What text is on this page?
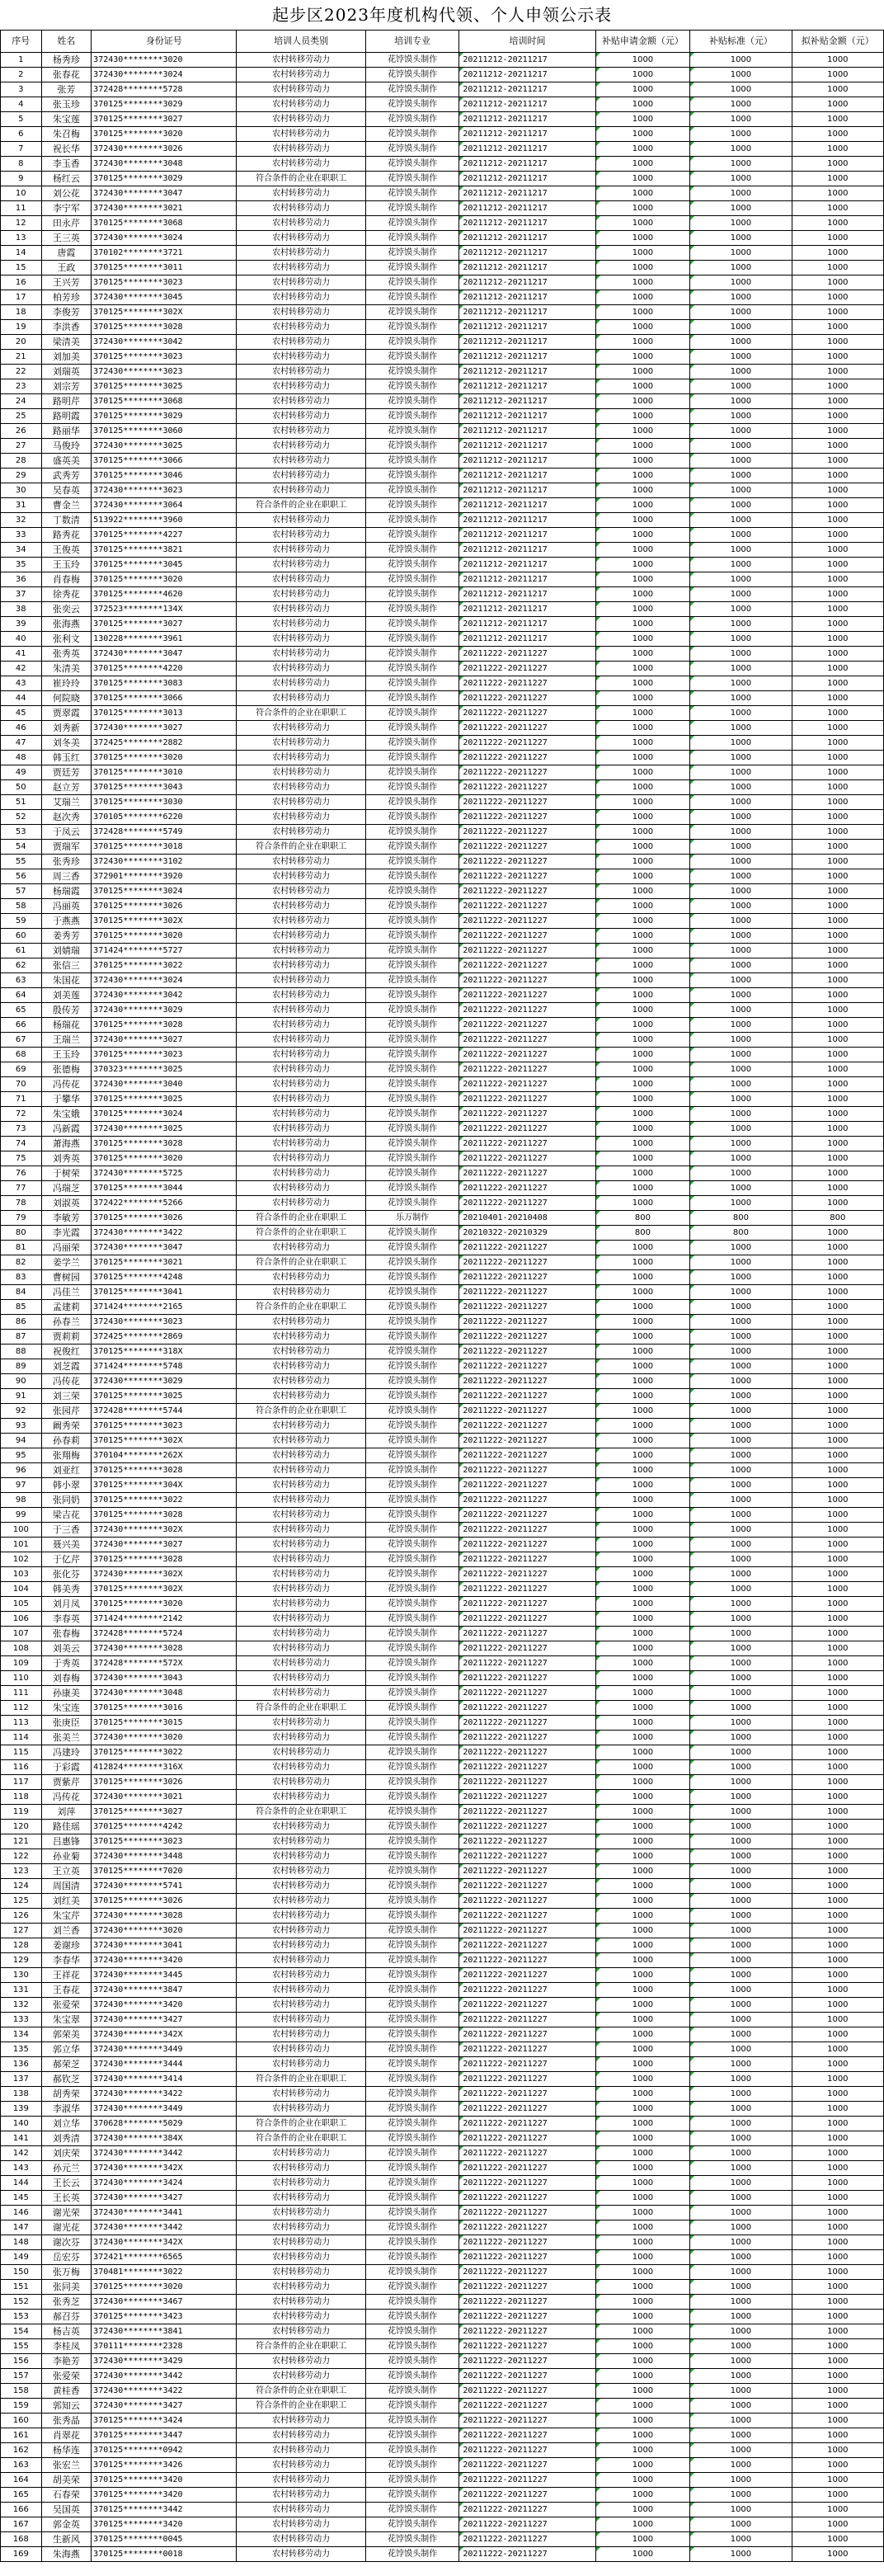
起步区2023年度机构代领、个人申领公示表
序号	姓名	身份证号	培训人员类别	培训专业	培训时间	补贴申请金额（元）	补贴标准（元）	拟补贴金额（元）
1	杨秀珍	372430********3020	农村转移劳动力	花饽馍头制作	20211212-20211217	1000	1000	1000
2	张春花	372430********3024	农村转移劳动力	花饽馍头制作	20211212-20211217	1000	1000	1000
3	张芳	372428********5728	农村转移劳动力	花饽馍头制作	20211212-20211217	1000	1000	1000
4	张玉珍	370125********3029	农村转移劳动力	花饽馍头制作	20211212-20211217	1000	1000	1000
5	朱宝莲	370125********3027	农村转移劳动力	花饽馍头制作	20211212-20211217	1000	1000	1000
6	朱召梅	370125********3020	农村转移劳动力	花饽馍头制作	20211212-20211217	1000	1000	1000
7	祝长华	372430********3026	农村转移劳动力	花饽馍头制作	20211212-20211217	1000	1000	1000
8	李玉香	372430********3048	农村转移劳动力	花饽馍头制作	20211212-20211217	1000	1000	1000
9	杨红云	370125********3029	符合条件的企业在职职工	花饽馍头制作	20211212-20211217	1000	1000	1000
10	刘公花	372430********3047	农村转移劳动力	花饽馍头制作	20211212-20211217	1000	1000	1000
11	李宁军	372430********3021	农村转移劳动力	花饽馍头制作	20211212-20211217	1000	1000	1000
12	田永芹	370125********3068	农村转移劳动力	花饽馍头制作	20211212-20211217	1000	1000	1000
13	王三英	372430********3024	农村转移劳动力	花饽馍头制作	20211212-20211217	1000	1000	1000
14	唐霞	370102********3721	农村转移劳动力	花饽馍头制作	20211212-20211217	1000	1000	1000
15	王政	370125********3011	农村转移劳动力	花饽馍头制作	20211212-20211217	1000	1000	1000
16	王兴芳	370125********3023	农村转移劳动力	花饽馍头制作	20211212-20211217	1000	1000	1000
17	柏芳珍	372430********3045	农村转移劳动力	花饽馍头制作	20211212-20211217	1000	1000	1000
18	李俊芳	370125********302X	农村转移劳动力	花饽馍头制作	20211212-20211217	1000	1000	1000
19	李洪香	370125********3028	农村转移劳动力	花饽馍头制作	20211212-20211217	1000	1000	1000
20	梁清美	372430********3042	农村转移劳动力	花饽馍头制作	20211212-20211217	1000	1000	1000
21	刘加美	370125********3023	农村转移劳动力	花饽馍头制作	20211212-20211217	1000	1000	1000
22	刘瑞英	372430********3023	农村转移劳动力	花饽馍头制作	20211212-20211217	1000	1000	1000
23	刘宗芳	370125********3025	农村转移劳动力	花饽馍头制作	20211212-20211217	1000	1000	1000
24	路明芹	370125********3068	农村转移劳动力	花饽馍头制作	20211212-20211217	1000	1000	1000
25	路明霞	370125********3029	农村转移劳动力	花饽馍头制作	20211212-20211217	1000	1000	1000
26	路丽华	370125********3060	农村转移劳动力	花饽馍头制作	20211212-20211217	1000	1000	1000
27	马俊玲	372430********3025	农村转移劳动力	花饽馍头制作	20211212-20211217	1000	1000	1000
28	盛英美	370125********3066	农村转移劳动力	花饽馍头制作	20211212-20211217	1000	1000	1000
29	武秀芳	370125********3046	农村转移劳动力	花饽馍头制作	20211212-20211217	1000	1000	1000
30	吴春英	372430********3023	农村转移劳动力	花饽馍头制作	20211212-20211217	1000	1000	1000
31	曹金兰	372430********3064	符合条件的企业在职职工	花饽馍头制作	20211212-20211217	1000	1000	1000
32	丁数清	513922********3960	农村转移劳动力	花饽馍头制作	20211212-20211217	1000	1000	1000
33	路秀花	370125********4227	农村转移劳动力	花饽馍头制作	20211212-20211217	1000	1000	1000
34	王俊英	370125********3821	农村转移劳动力	花饽馍头制作	20211212-20211217	1000	1000	1000
35	王玉玲	370125********3045	农村转移劳动力	花饽馍头制作	20211212-20211217	1000	1000	1000
36	肖春梅	370125********3020	农村转移劳动力	花饽馍头制作	20211212-20211217	1000	1000	1000
37	徐秀花	370125********4620	农村转移劳动力	花饽馍头制作	20211212-20211217	1000	1000	1000
38	张奕云	372523********134X	农村转移劳动力	花饽馍头制作	20211212-20211217	1000	1000	1000
39	张海燕	370125********3027	农村转移劳动力	花饽馍头制作	20211212-20211217	1000	1000	1000
40	张利文	130228********3961	农村转移劳动力	花饽馍头制作	20211212-20211217	1000	1000	1000
41	张秀英	372430********3047	农村转移劳动力	花饽馍头制作	20211222-20211227	1000	1000	1000
42	朱清美	370125********4220	农村转移劳动力	花饽馍头制作	20211222-20211227	1000	1000	1000
43	崔玲玲	370125********3083	农村转移劳动力	花饽馍头制作	20211222-20211227	1000	1000	1000
44	何院晓	370125********3066	农村转移劳动力	花饽馍头制作	20211222-20211227	1000	1000	1000
45	贾翠霞	370125********3013	符合条件的企业在职职工	花饽馍头制作	20211222-20211227	1000	1000	1000
46	刘秀新	372430********3027	农村转移劳动力	花饽馍头制作	20211222-20211227	1000	1000	1000
47	刘冬美	372425********2882	农村转移劳动力	花饽馍头制作	20211222-20211227	1000	1000	1000
48	韩玉红	370125********3020	农村转移劳动力	花饽馍头制作	20211222-20211227	1000	1000	1000
49	贾廷芳	370125********3010	农村转移劳动力	花饽馍头制作	20211222-20211227	1000	1000	1000
50	赵立芳	370125********3043	农村转移劳动力	花饽馍头制作	20211222-20211227	1000	1000	1000
51	艾瑞兰	370125********3030	农村转移劳动力	花饽馍头制作	20211222-20211227	1000	1000	1000
52	赵次秀	370105********6220	农村转移劳动力	花饽馍头制作	20211222-20211227	1000	1000	1000
53	于凤云	372428********5749	农村转移劳动力	花饽馍头制作	20211222-20211227	1000	1000	1000
54	贾瑞军	370125********3018	符合条件的企业在职职工	花饽馍头制作	20211222-20211227	1000	1000	1000
55	张秀珍	372430********3102	农村转移劳动力	花饽馍头制作	20211222-20211227	1000	1000	1000
56	周三香	372901********3920	农村转移劳动力	花饽馍头制作	20211222-20211227	1000	1000	1000
57	杨瑞霞	370125********3024	农村转移劳动力	花饽馍头制作	20211222-20211227	1000	1000	1000
58	冯丽英	370125********3026	农村转移劳动力	花饽馍头制作	20211222-20211227	1000	1000	1000
59	于燕燕	370125********302X	农村转移劳动力	花饽馍头制作	20211222-20211227	1000	1000	1000
60	姜秀芳	370125********3020	农村转移劳动力	花饽馍头制作	20211222-20211227	1000	1000	1000
61	刘婧瑞	371424********5727	农村转移劳动力	花饽馍头制作	20211222-20211227	1000	1000	1000
62	张信三	370125********3022	农村转移劳动力	花饽馍头制作	20211222-20211227	1000	1000	1000
63	朱国花	372430********3024	农村转移劳动力	花饽馍头制作	20211222-20211227	1000	1000	1000
64	刘美莲	372430********3042	农村转移劳动力	花饽馍头制作	20211222-20211227	1000	1000	1000
65	殷传芳	372430********3029	农村转移劳动力	花饽馍头制作	20211222-20211227	1000	1000	1000
66	杨瑞花	370125********3028	农村转移劳动力	花饽馍头制作	20211222-20211227	1000	1000	1000
67	王瑞兰	372430********3027	农村转移劳动力	花饽馍头制作	20211222-20211227	1000	1000	1000
68	王玉玲	370125********3023	农村转移劳动力	花饽馍头制作	20211222-20211227	1000	1000	1000
69	张德梅	370323********3025	农村转移劳动力	花饽馍头制作	20211222-20211227	1000	1000	1000
70	冯传花	372430********3040	农村转移劳动力	花饽馍头制作	20211222-20211227	1000	1000	1000
71	于攀华	370125********3025	农村转移劳动力	花饽馍头制作	20211222-20211227	1000	1000	1000
72	朱宝娥	370125********3024	农村转移劳动力	花饽馍头制作	20211222-20211227	1000	1000	1000
73	冯新霞	372430********3025	农村转移劳动力	花饽馍头制作	20211222-20211227	1000	1000	1000
74	萧海燕	370125********3028	农村转移劳动力	花饽馍头制作	20211222-20211227	1000	1000	1000
75	刘秀英	370125********3020	农村转移劳动力	花饽馍头制作	20211222-20211227	1000	1000	1000
76	于树荣	372430********5725	农村转移劳动力	花饽馍头制作	20211222-20211227	1000	1000	1000
77	冯瑞芝	370125********3044	农村转移劳动力	花饽馍头制作	20211222-20211227	1000	1000	1000
78	刘淑英	372422********5266	农村转移劳动力	花饽馍头制作	20211222-20211227	1000	1000	1000
79	李敏芳	370125********3026	符合条件的企业在职职工	乐万制作	20210401-20210408	800	800	800
80	李光霞	372430********3422	符合条件的企业在职职工	花饽馍头制作	20210322-20210329	800	800	1000
81	冯丽荣	372430********3047	农村转移劳动力	花饽馍头制作	20211222-20211227	1000	1000	1000
82	姜学兰	370125********3021	符合条件的企业在职职工	花饽馍头制作	20211222-20211227	1000	1000	1000
83	曹树园	370125********4248	农村转移劳动力	花饽馍头制作	20211222-20211227	1000	1000	1000
84	冯佳兰	370125********3041	农村转移劳动力	花饽馍头制作	20211222-20211227	1000	1000	1000
85	孟建莉	371424********2165	符合条件的企业在职职工	花饽馍头制作	20211222-20211227	1000	1000	1000
86	孙春兰	372430********3023	农村转移劳动力	花饽馍头制作	20211222-20211227	1000	1000	1000
87	贾莉莉	372425********2869	农村转移劳动力	花饽馍头制作	20211222-20211227	1000	1000	1000
88	祝俊红	370125********318X	农村转移劳动力	花饽馍头制作	20211222-20211227	1000	1000	1000
89	刘芝霞	371424********5748	农村转移劳动力	花饽馍头制作	20211222-20211227	1000	1000	1000
90	冯传花	372430********3029	农村转移劳动力	花饽馍头制作	20211222-20211227	1000	1000	1000
91	刘三荣	370125********3025	农村转移劳动力	花饽馍头制作	20211222-20211227	1000	1000	1000
92	张园芹	372428********5744	符合条件的企业在职职工	花饽馍头制作	20211222-20211227	1000	1000	1000
93	阚秀荣	370125********3023	农村转移劳动力	花饽馍头制作	20211222-20211227	1000	1000	1000
94	孙春莉	370125********302X	农村转移劳动力	花饽馍头制作	20211222-20211227	1000	1000	1000
95	张翔梅	370104********262X	农村转移劳动力	花饽馍头制作	20211222-20211227	1000	1000	1000
96	刘亚红	370125********3028	农村转移劳动力	花饽馍头制作	20211222-20211227	1000	1000	1000
97	韩小翠	370125********304X	农村转移劳动力	花饽馍头制作	20211222-20211227	1000	1000	1000
98	张同奶	370125********3022	农村转移劳动力	花饽馍头制作	20211222-20211227	1000	1000	1000
99	梁吉花	370125********3028	农村转移劳动力	花饽馍头制作	20211222-20211227	1000	1000	1000
100	于三香	372430********302X	农村转移劳动力	花饽馍头制作	20211222-20211227	1000	1000	1000
101	聂兴美	372430********3027	农村转移劳动力	花饽馍头制作	20211222-20211227	1000	1000	1000
102	于亿芹	370125********3028	农村转移劳动力	花饽馍头制作	20211222-20211227	1000	1000	1000
103	张化芬	372430********302X	农村转移劳动力	花饽馍头制作	20211222-20211227	1000	1000	1000
104	韩美秀	370125********302X	农村转移劳动力	花饽馍头制作	20211222-20211227	1000	1000	1000
105	刘月凤	370125********3020	农村转移劳动力	花饽馍头制作	20211222-20211227	1000	1000	1000
106	李春英	371424********2142	农村转移劳动力	花饽馍头制作	20211222-20211227	1000	1000	1000
107	张春梅	372428********5724	农村转移劳动力	花饽馍头制作	20211222-20211227	1000	1000	1000
108	刘美云	372430********3028	农村转移劳动力	花饽馍头制作	20211222-20211227	1000	1000	1000
109	于秀英	372428********572X	农村转移劳动力	花饽馍头制作	20211222-20211227	1000	1000	1000
110	刘春梅	372430********3043	农村转移劳动力	花饽馍头制作	20211222-20211227	1000	1000	1000
111	孙康美	372430********3048	农村转移劳动力	花饽馍头制作	20211222-20211227	1000	1000	1000
112	朱宝连	370125********3016	符合条件的企业在职职工	花饽馍头制作	20211222-20211227	1000	1000	1000
113	张庚臣	370125********3015	农村转移劳动力	花饽馍头制作	20211222-20211227	1000	1000	1000
114	张美兰	372430********3020	农村转移劳动力	花饽馍头制作	20211222-20211227	1000	1000	1000
115	冯建玲	370125********3022	农村转移劳动力	花饽馍头制作	20211222-20211227	1000	1000	1000
116	于彩霞	412824********316X	农村转移劳动力	花饽馍头制作	20211222-20211227	1000	1000	1000
117	贾紫芹	370125********3026	农村转移劳动力	花饽馍头制作	20211222-20211227	1000	1000	1000
118	冯传花	372430********3021	农村转移劳动力	花饽馍头制作	20211222-20211227	1000	1000	1000
119	刘萍	370125********3027	符合条件的企业在职职工	花饽馍头制作	20211222-20211227	1000	1000	1000
120	路佳瑶	370125********4242	农村转移劳动力	花饽馍头制作	20211222-20211227	1000	1000	1000
121	吕惠锋	370125********3023	农村转移劳动力	花饽馍头制作	20211222-20211227	1000	1000	1000
122	孙业菊	372430********3448	农村转移劳动力	花饽馍头制作	20211222-20211227	1000	1000	1000
123	王立英	370125********7020	农村转移劳动力	花饽馍头制作	20211222-20211227	1000	1000	1000
124	周国清	372430********5741	农村转移劳动力	花饽馍头制作	20211222-20211227	1000	1000	1000
125	刘红美	370125********3026	农村转移劳动力	花饽馍头制作	20211222-20211227	1000	1000	1000
126	朱宝芹	372430********3028	农村转移劳动力	花饽馍头制作	20211222-20211227	1000	1000	1000
127	刘兰香	372430********3020	农村转移劳动力	花饽馍头制作	20211222-20211227	1000	1000	1000
128	姜谢珍	372430********3041	农村转移劳动力	花饽馍头制作	20211222-20211227	1000	1000	1000
129	李春华	372430********3420	农村转移劳动力	花饽馍头制作	20211222-20211227	1000	1000	1000
130	王祥花	372430********3445	农村转移劳动力	花饽馍头制作	20211222-20211227	1000	1000	1000
131	王春花	372430********3847	农村转移劳动力	花饽馍头制作	20211222-20211227	1000	1000	1000
132	张爱荣	372430********3420	农村转移劳动力	花饽馍头制作	20211222-20211227	1000	1000	1000
133	朱宝翠	372430********3427	农村转移劳动力	花饽馍头制作	20211222-20211227	1000	1000	1000
134	郭荣美	372430********342X	农村转移劳动力	花饽馍头制作	20211222-20211227	1000	1000	1000
135	郭立华	372430********3449	农村转移劳动力	花饽馍头制作	20211222-20211227	1000	1000	1000
136	郝荣芝	372430********3444	农村转移劳动力	花饽馍头制作	20211222-20211227	1000	1000	1000
137	郝钦芝	372430********3414	符合条件的企业在职职工	花饽馍头制作	20211222-20211227	1000	1000	1000
138	胡秀荣	372430********3422	农村转移劳动力	花饽馍头制作	20211222-20211227	1000	1000	1000
139	李淑华	372430********3449	农村转移劳动力	花饽馍头制作	20211222-20211227	1000	1000	1000
140	刘立华	370628********5029	符合条件的企业在职职工	花饽馍头制作	20211222-20211227	1000	1000	1000
141	刘秀清	372430********384X	符合条件的企业在职职工	花饽馍头制作	20211222-20211227	1000	1000	1000
142	刘庆荣	372430********3442	农村转移劳动力	花饽馍头制作	20211222-20211227	1000	1000	1000
143	孙元兰	372430********342X	农村转移劳动力	花饽馍头制作	20211222-20211227	1000	1000	1000
144	王长云	372430********3424	农村转移劳动力	花饽馍头制作	20211222-20211227	1000	1000	1000
145	王长英	372430********3427	农村转移劳动力	花饽馍头制作	20211222-20211227	1000	1000	1000
146	谢光荣	372430********3441	农村转移劳动力	花饽馍头制作	20211222-20211227	1000	1000	1000
147	谢光花	372430********3442	农村转移劳动力	花饽馍头制作	20211222-20211227	1000	1000	1000
148	谢次芬	372430********342X	农村转移劳动力	花饽馍头制作	20211222-20211227	1000	1000	1000
149	岳宏芬	372421********6565	农村转移劳动力	花饽馍头制作	20211222-20211227	1000	1000	1000
150	张万梅	370481********3022	农村转移劳动力	花饽馍头制作	20211222-20211227	1000	1000	1000
151	张同美	370125********3020	农村转移劳动力	花饽馍头制作	20211222-20211227	1000	1000	1000
152	张秀芝	372430********3467	农村转移劳动力	花饽馍头制作	20211222-20211227	1000	1000	1000
153	郝召芬	370125********3423	农村转移劳动力	花饽馍头制作	20211222-20211227	1000	1000	1000
154	杨吉英	372430********3841	农村转移劳动力	花饽馍头制作	20211222-20211227	1000	1000	1000
155	李桂凤	370111********2328	符合条件的企业在职职工	花饽馍头制作	20211222-20211227	1000	1000	1000
156	李艳芳	372430********3429	农村转移劳动力	花饽馍头制作	20211222-20211227	1000	1000	1000
157	张爱荣	372430********3442	农村转移劳动力	花饽馍头制作	20211222-20211227	1000	1000	1000
158	黄桂香	372430********3422	符合条件的企业在职职工	花饽馍头制作	20211222-20211227	1000	1000	1000
159	郭知云	372430********3427	符合条件的企业在职职工	花饽馍头制作	20211222-20211227	1000	1000	1000
160	张秀晶	370125********3424	农村转移劳动力	花饽馍头制作	20211222-20211227	1000	1000	1000
161	肖翠花	370125********3447	农村转移劳动力	花饽馍头制作	20211222-20211227	1000	1000	1000
162	杨华连	370125********0942	农村转移劳动力	花饽馍头制作	20211222-20211227	1000	1000	1000
163	张宏兰	370125********3426	农村转移劳动力	花饽馍头制作	20211222-20211227	1000	1000	1000
164	胡美荣	370125********3420	农村转移劳动力	花饽馍头制作	20211222-20211227	1000	1000	1000
165	石春荣	370125********3420	农村转移劳动力	花饽馍头制作	20211222-20211227	1000	1000	1000
166	吴国英	370125********3442	农村转移劳动力	花饽馍头制作	20211222-20211227	1000	1000	1000
167	郭金英	370125********3420	农村转移劳动力	花饽馍头制作	20211222-20211227	1000	1000	1000
168	生新风	370125********0045	农村转移劳动力	花饽馍头制作	20211222-20211227	1000	1000	1000
169	朱海燕	370125********0018	农村转移劳动力	花饽馍头制作	20211222-20211227	1000	1000	1000
